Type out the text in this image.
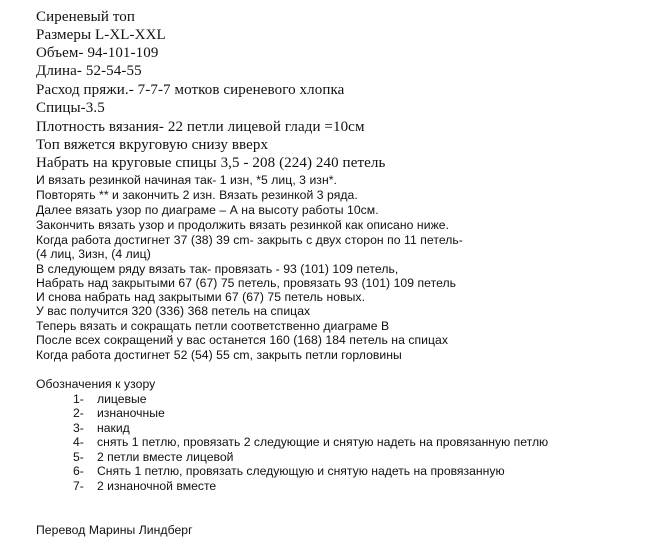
Сиреневый топ
Размеры L-XL-XXL
Объем- 94-101-109
Длина- 52-54-55
Расход пряжи.- 7-7-7 мотков сиреневого хлопка
Спицы-3.5
Плотность вязания- 22 петли лицевой глади =10см
Топ вяжется вкруговую снизу вверх
Набрать на круговые спицы 3,5 - 208 (224) 240 петель
И вязать резинкой начиная так- 1 изн, *5 лиц, 3 изн*.
Повторять ** и закончить 2 изн. Вязать резинкой 3 ряда.
Далее вязать узор по диаграме – А на высоту работы 10см.
Закончить вязать узор и продолжить вязать резинкой как описано ниже.
Когда работа достигнет 37 (38) 39 cm- закрыть с двух сторон по 11 петель-
(4 лиц, 3изн, (4 лиц)
В следующем ряду вязать так- провязать - 93 (101) 109 петель,
Набрать над закрытыми 67 (67) 75 петель, провязать 93 (101) 109 петель
И снова набрать над закрытыми 67 (67) 75 петель новых.
У вас получится 320 (336) 368 петель на спицах
Теперь вязать и сокращать петли соответственно диаграме В
После всех сокращений у вас останется 160 (168) 184 петель на спицах
Когда работа достигнет 52 (54) 55 cm, закрыть петли горловины
Обозначения к узору
1- лицевые
2- изнаночные
3- накид
4- снять 1 петлю, провязать 2 следующие и снятую надеть на провязанную петлю
5- 2 петли вместе лицевой
6- Снять 1 петлю, провязать следующую и снятую надеть на провязанную
7- 2 изнаночной вместе
Перевод Марины Линдберг
